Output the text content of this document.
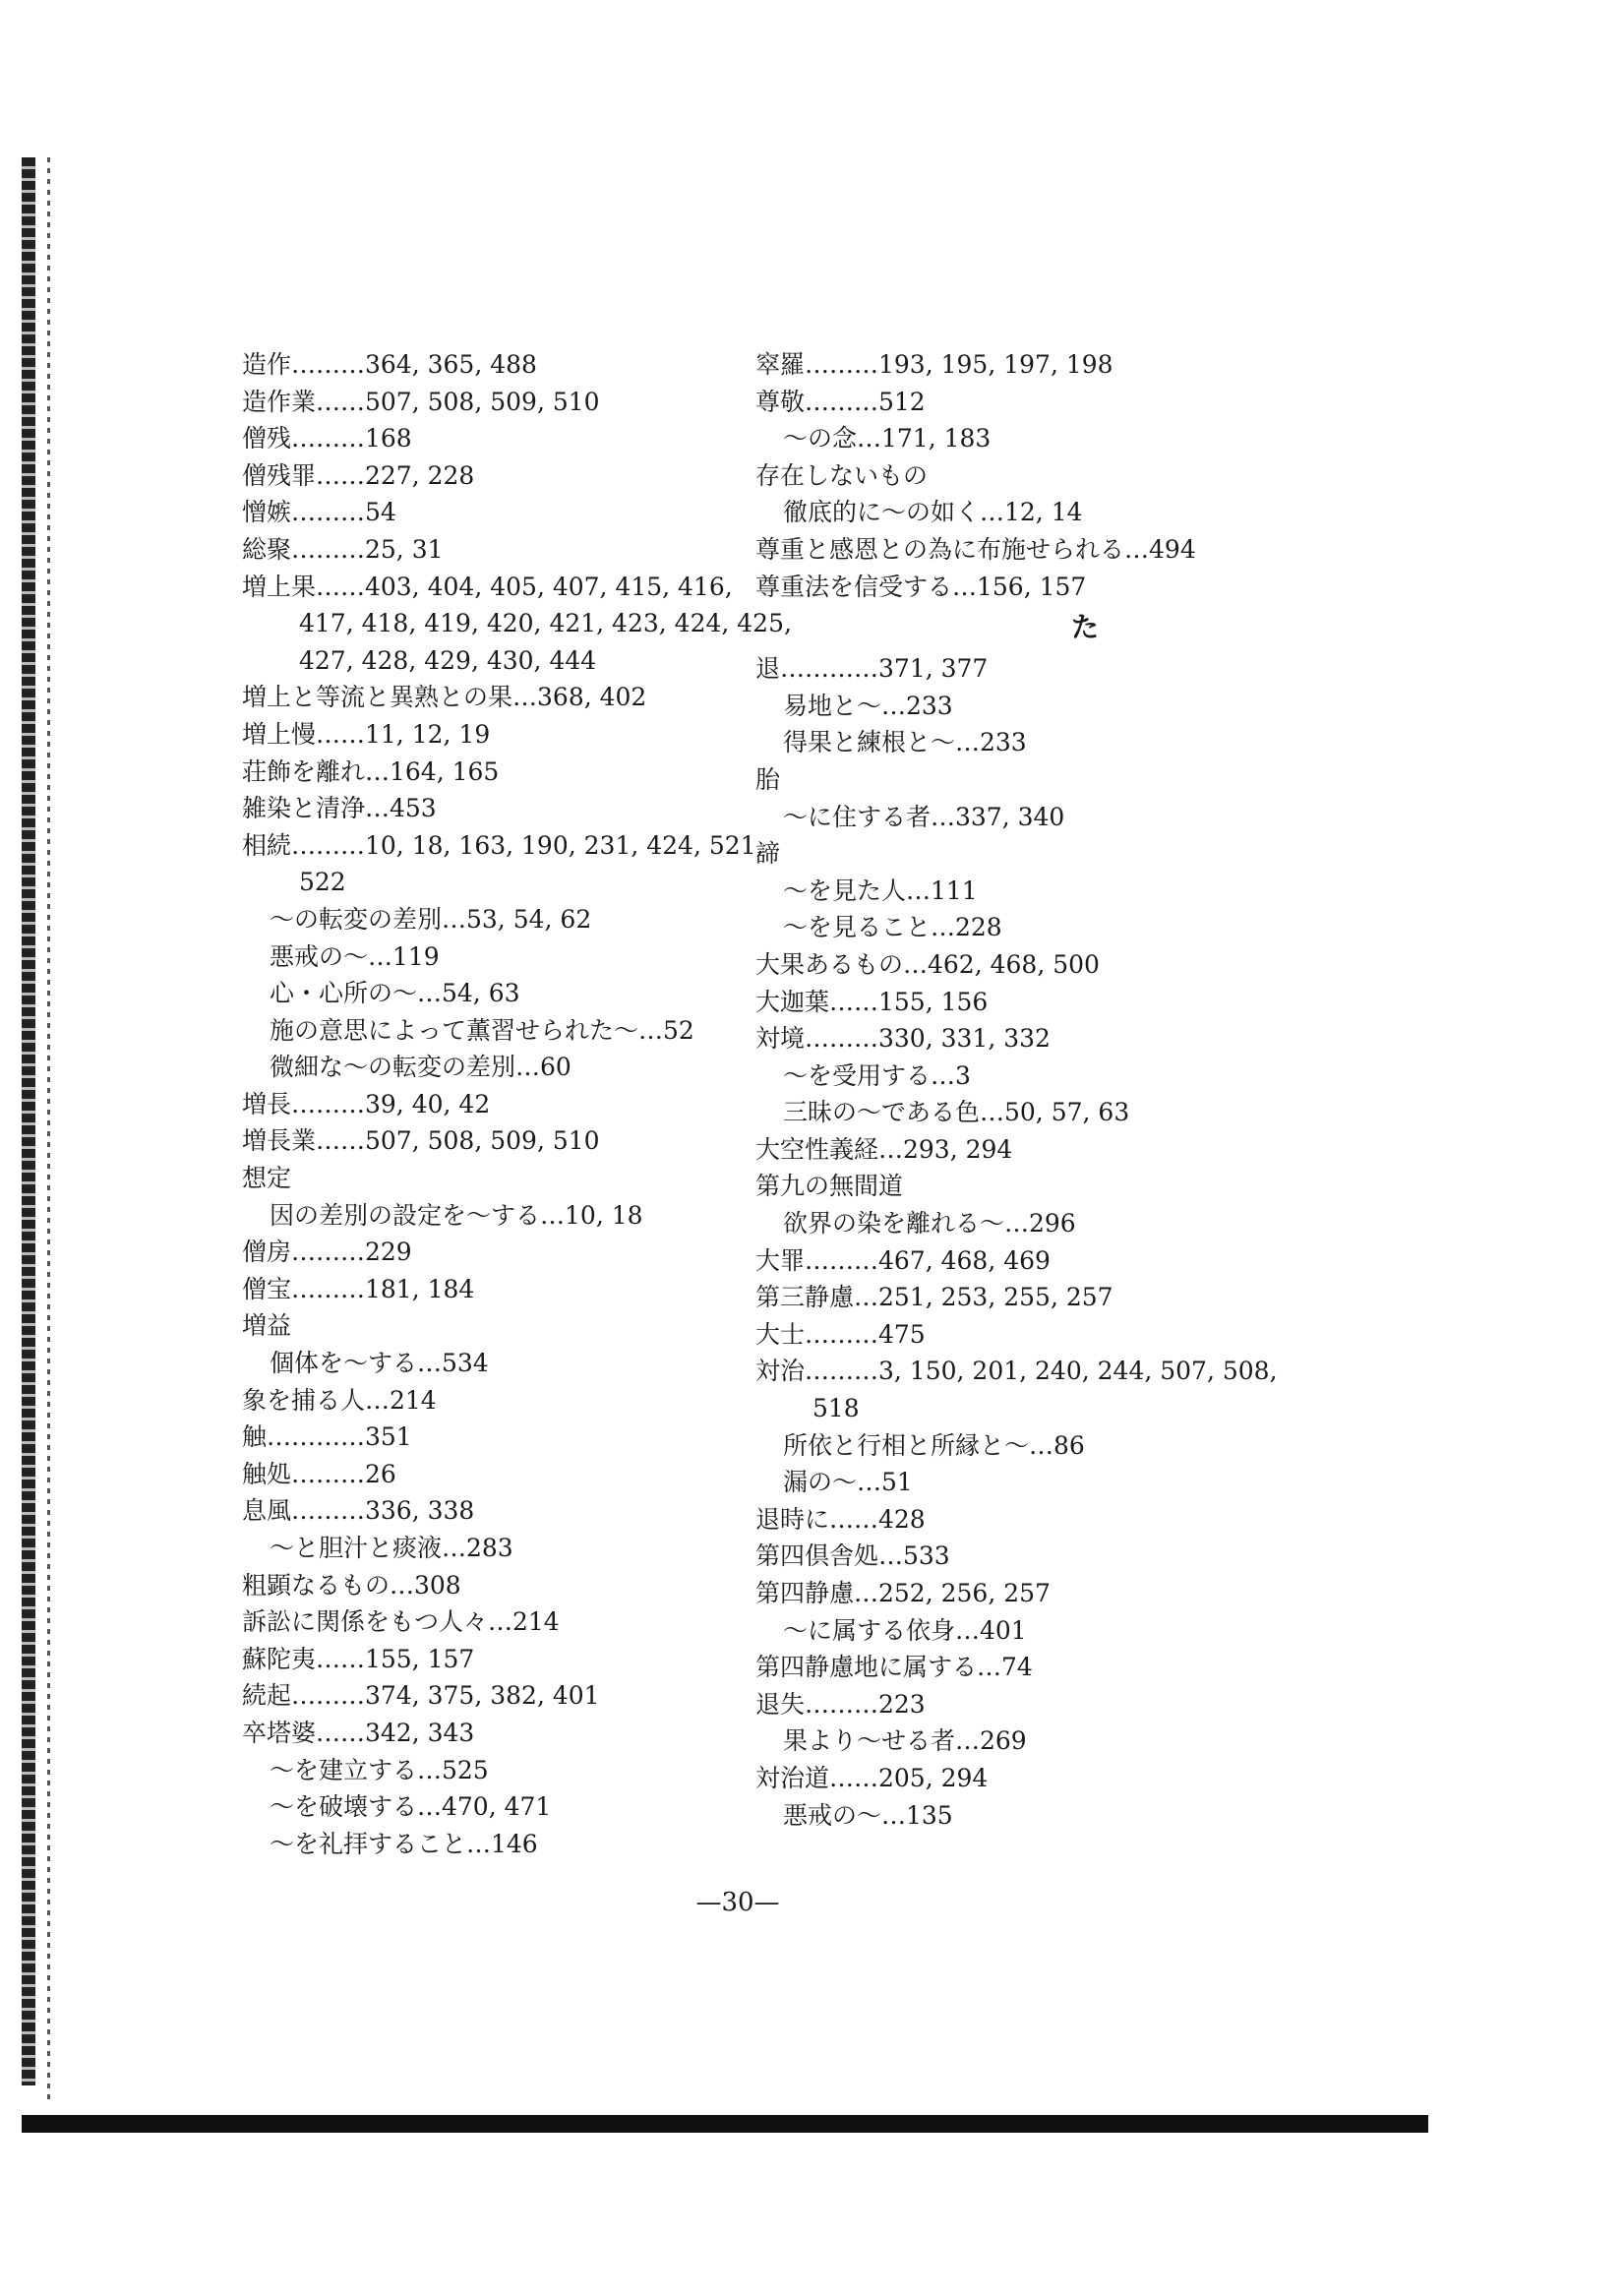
造作………364, 365, 488
造作業……507, 508, 509, 510
僧残………168
僧残罪……227, 228
憎嫉………54
総聚………25, 31
増上果……403, 404, 405, 407, 415, 416,
417, 418, 419, 420, 421, 423, 424, 425,
427, 428, 429, 430, 444
増上と等流と異熟との果…368, 402
増上慢……11, 12, 19
荘飾を離れ…164, 165
雑染と清浄…453
相続………10, 18, 163, 190, 231, 424, 521,
522
～の転変の差別…53, 54, 62
悪戒の～…119
心・心所の～…54, 63
施の意思によって薫習せられた～…52
微細な～の転変の差別…60
増長………39, 40, 42
増長業……507, 508, 509, 510
想定
因の差別の設定を～する…10, 18
僧房………229
僧宝………181, 184
増益
個体を～する…534
象を捕る人…214
触…………351
触処………26
息風………336, 338
～と胆汁と痰液…283
粗顕なるもの…308
訴訟に関係をもつ人々…214
蘇陀夷……155, 157
続起………374, 375, 382, 401
卒塔婆……342, 343
～を建立する…525
～を破壊する…470, 471
～を礼拝すること…146
窣羅………193, 195, 197, 198
尊敬………512
～の念…171, 183
存在しないもの
徹底的に～の如く…12, 14
尊重と感恩との為に布施せられる…494
尊重法を信受する…156, 157
た
退…………371, 377
易地と～…233
得果と練根と～…233
胎
～に住する者…337, 340
諦
～を見た人…111
～を見ること…228
大果あるもの…462, 468, 500
大迦葉……155, 156
対境………330, 331, 332
～を受用する…3
三昧の～である色…50, 57, 63
大空性義経…293, 294
第九の無間道
欲界の染を離れる～…296
大罪………467, 468, 469
第三静慮…251, 253, 255, 257
大士………475
対治………3, 150, 201, 240, 244, 507, 508,
518
所依と行相と所縁と～…86
漏の～…51
退時に……428
第四倶舎処…533
第四静慮…252, 256, 257
～に属する依身…401
第四静慮地に属する…74
退失………223
果より～せる者…269
対治道……205, 294
悪戒の～…135
—30—
